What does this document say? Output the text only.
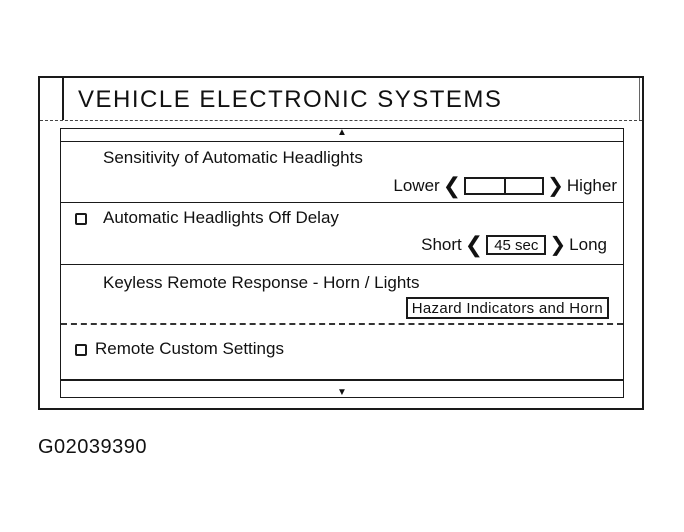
VEHICLE ELECTRONIC SYSTEMS
▲
Sensitivity of Automatic Headlights
Lower ❮	❯ Higher
Automatic Headlights Off Delay
Short ❮ 45 sec ❯ Long
Keyless Remote Response - Horn / Lights
Hazard Indicators and Horn
Remote Custom Settings
▼
G02039390
